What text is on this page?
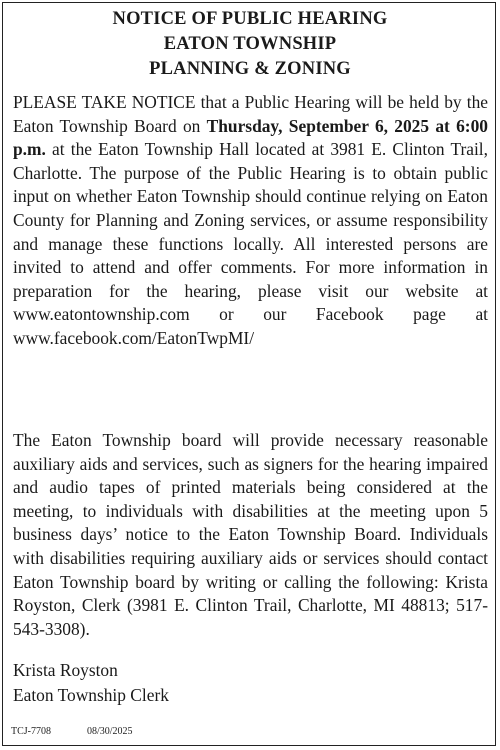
NOTICE OF PUBLIC HEARING
EATON TOWNSHIP
PLANNING & ZONING

PLEASE TAKE NOTICE that a Public Hearing will be held by the Eaton Township Board on Thursday, September 6, 2025 at 6:00 p.m. at the Eaton Township Hall located at 3981 E. Clinton Trail, Charlotte. The purpose of the Public Hearing is to obtain public input on whether Eaton Township should continue relying on Eaton County for Planning and Zoning services, or assume responsibility and manage these functions locally. All interested persons are invited to attend and offer comments. For more information in preparation for the hearing, please visit our website at www.eatontownship.com or our Facebook page at www.facebook.com/EatonTwpMI/

The Eaton Township board will provide necessary reasonable auxiliary aids and services, such as signers for the hearing impaired and audio tapes of printed materials being considered at the meeting, to individuals with disabilities at the meeting upon 5 business days’ notice to the Eaton Township Board. Individuals with disabilities requiring auxiliary aids or services should contact Eaton Township board by writing or calling the following: Krista Royston, Clerk (3981 E. Clinton Trail, Charlotte, MI 48813; 517-543-3308).

Krista Royston
Eaton Township Clerk
TCJ-7708	08/30/2025
